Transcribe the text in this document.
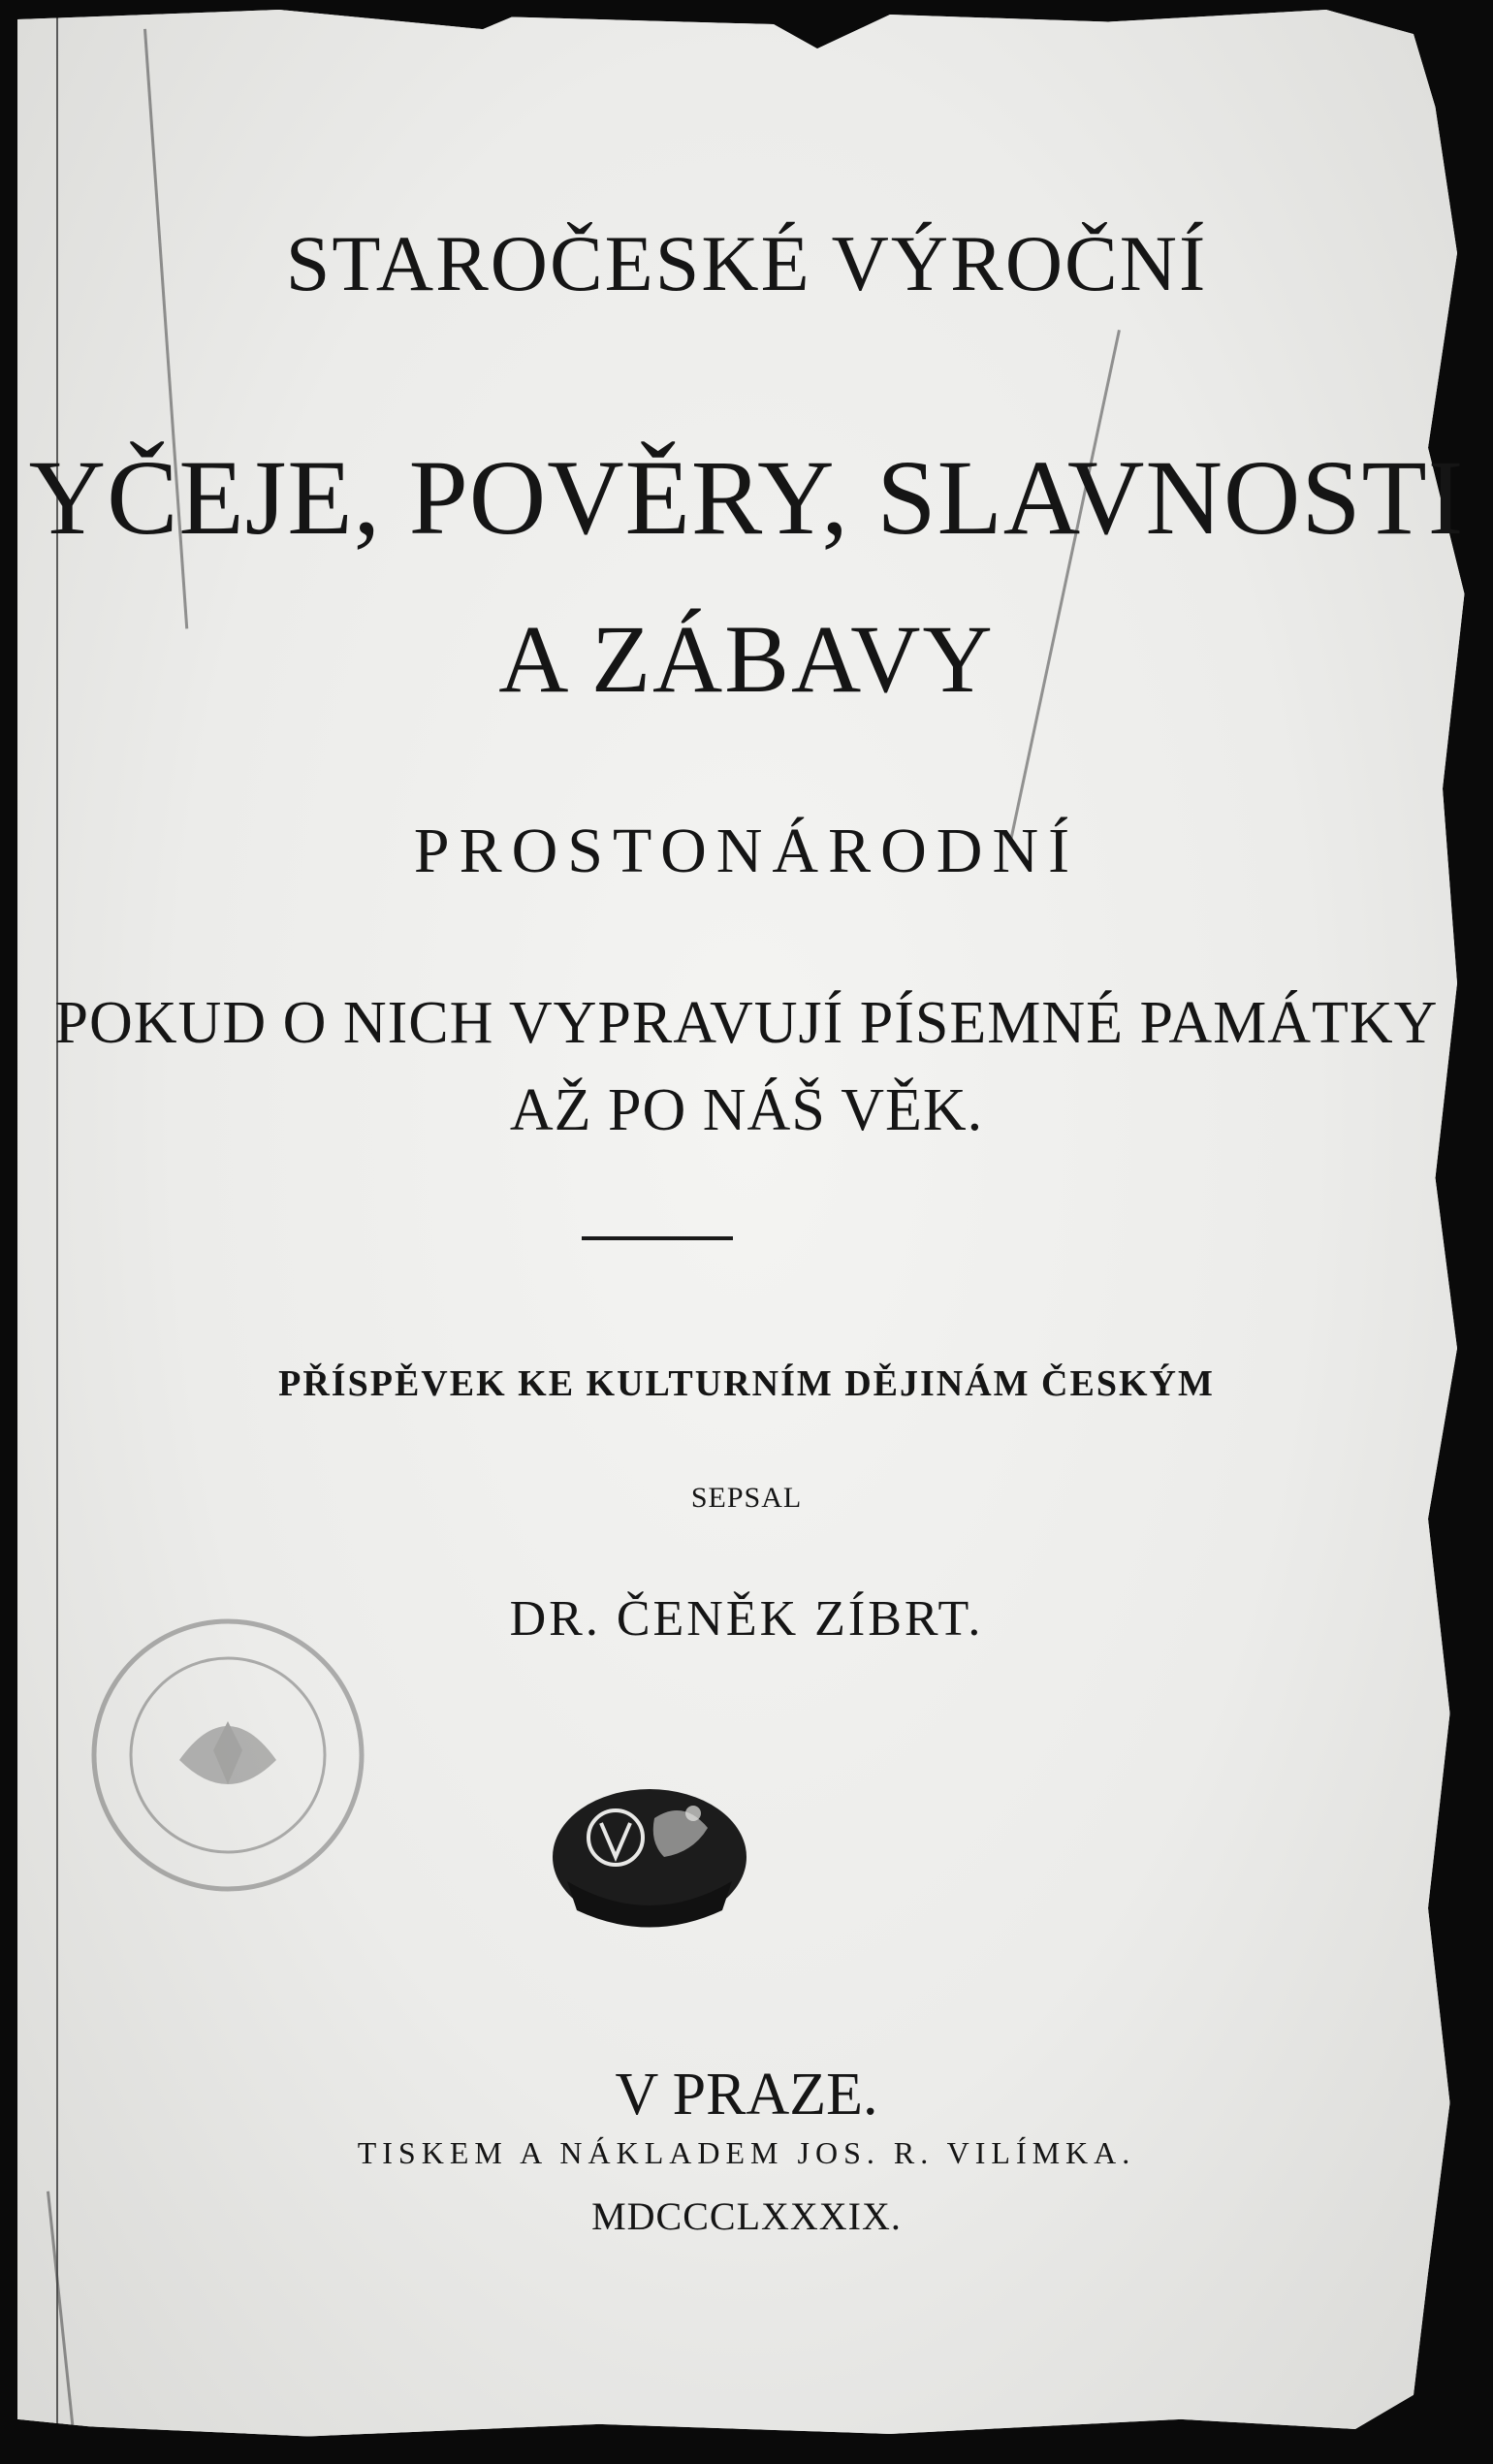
STAROČESKÉ VÝROČNÍ
YČEJE, POVĚRY, SLAVNOSTI
A ZÁBAVY
PROSTONÁRODNÍ
POKUD O NICH VYPRAVUJÍ PÍSEMNÉ PAMÁTKY
AŽ PO NÁŠ VĚK.
PŘÍSPĚVEK KE KULTURNÍM DĚJINÁM ČESKÝM
SEPSAL
DR. ČENĚK ZÍBRT.
V PRAZE.
TISKEM A NÁKLADEM JOS. R. VILÍMKA.
MDCCCLXXXIX.
